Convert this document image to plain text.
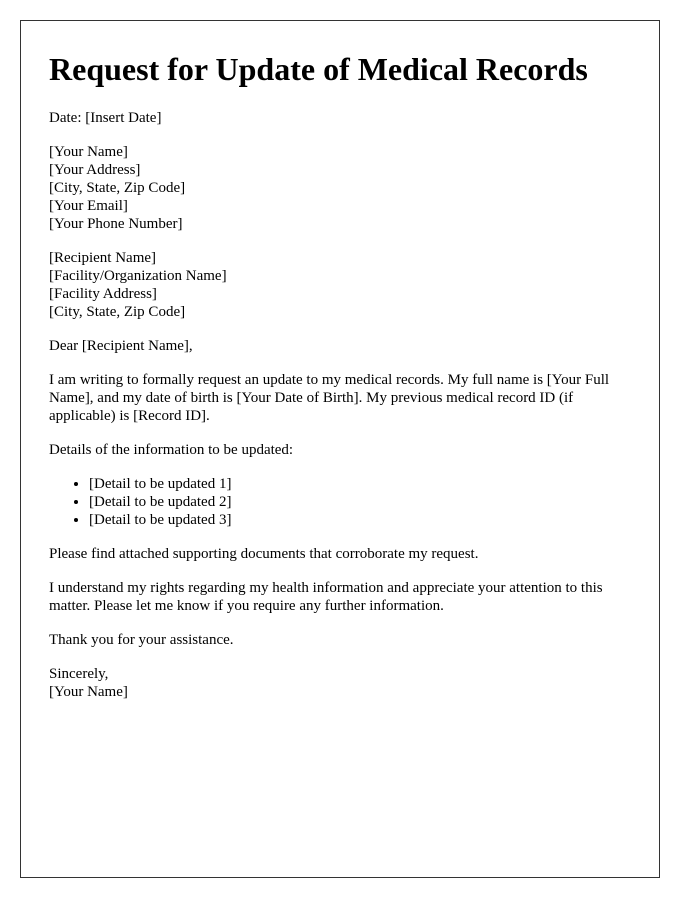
Request for Update of Medical Records

Date: [Insert Date]

[Your Name]
[Your Address]
[City, State, Zip Code]
[Your Email]
[Your Phone Number]
[Recipient Name]
[Facility/Organization Name]
[Facility Address]
[City, State, Zip Code]

Dear [Recipient Name],

I am writing to formally request an update to my medical records. My full name is [Your Full Name], and my date of birth is [Your Date of Birth]. My previous medical record ID (if applicable) is [Record ID].

Details of the information to be updated:

• [Detail to be updated 1]
• [Detail to be updated 2]
• [Detail to be updated 3]

Please find attached supporting documents that corroborate my request.

I understand my rights regarding my health information and appreciate your attention to this matter. Please let me know if you require any further information.

Thank you for your assistance.

Sincerely,
[Your Name]
